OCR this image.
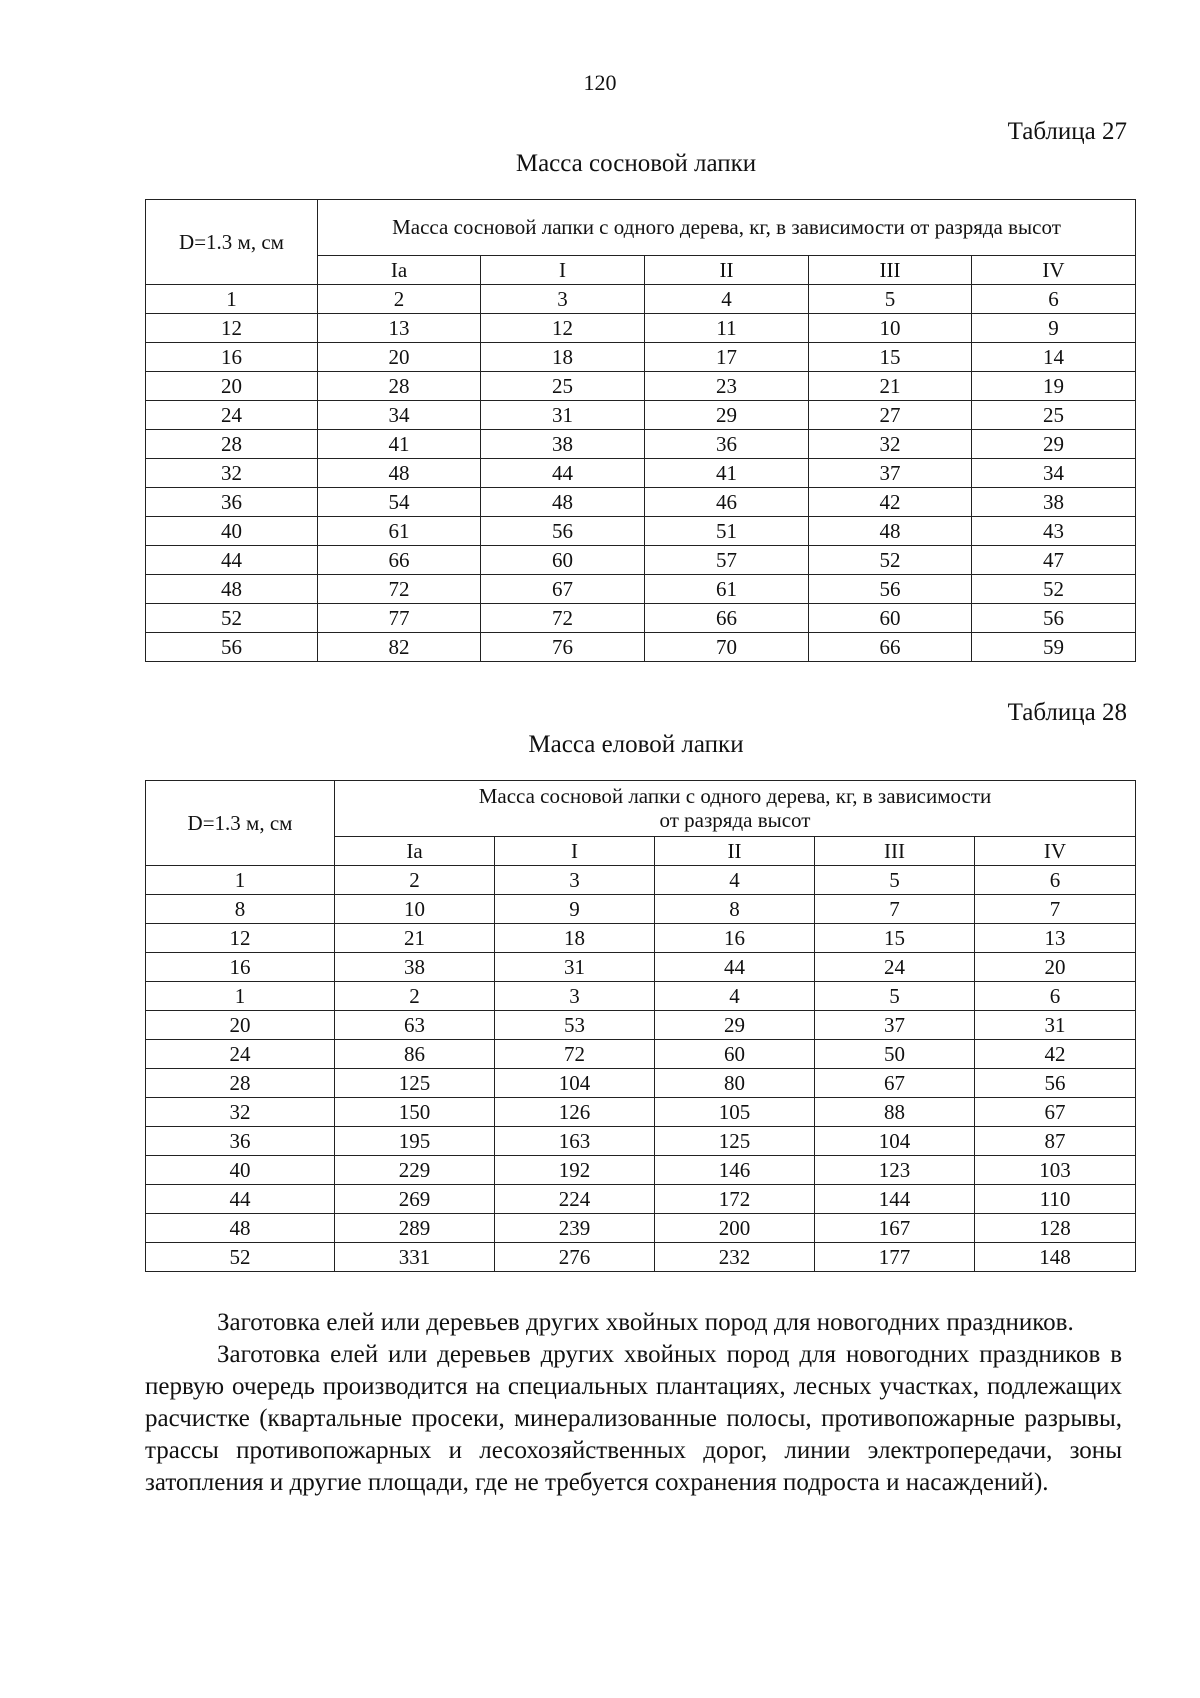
120
Таблица 27
Масса сосновой лапки
D=1.3 м, см	Масса сосновой лапки с одного дерева, кг, в зависимости от разряда высот				
	Ia	I	II	III	IV
1	2	3	4	5	6
12	13	12	11	10	9
16	20	18	17	15	14
20	28	25	23	21	19
24	34	31	29	27	25
28	41	38	36	32	29
32	48	44	41	37	34
36	54	48	46	42	38
40	61	56	51	48	43
44	66	60	57	52	47
48	72	67	61	56	52
52	77	72	66	60	56
56	82	76	70	66	59
Таблица 28
Масса еловой лапки
D=1.3 м, см	Масса сосновой лапки с одного дерева, кг, в зависимости
от разряда высот				

	Ia	I	II	III	IV
1	2	3	4	5	6
8	10	9	8	7	7
12	21	18	16	15	13
16	38	31	44	24	20
1	2	3	4	5	6
20	63	53	29	37	31
24	86	72	60	50	42
28	125	104	80	67	56
32	150	126	105	88	67
36	195	163	125	104	87
40	229	192	146	123	103
44	269	224	172	144	110
48	289	239	200	167	128
52	331	276	232	177	148

Заготовка елей или деревьев других хвойных пород для новогодних праздников.

Заготовка елей или деревьев других хвойных пород для новогодних праздников в первую очередь производится на специальных плантациях, лесных участках, подлежащих расчистке (квартальные просеки, минерализованные полосы, противопожарные разрывы, трассы противопожарных и лесохозяйственных дорог, линии электропередачи, зоны затопления и другие площади, где не требуется сохранения подроста и насаждений).
